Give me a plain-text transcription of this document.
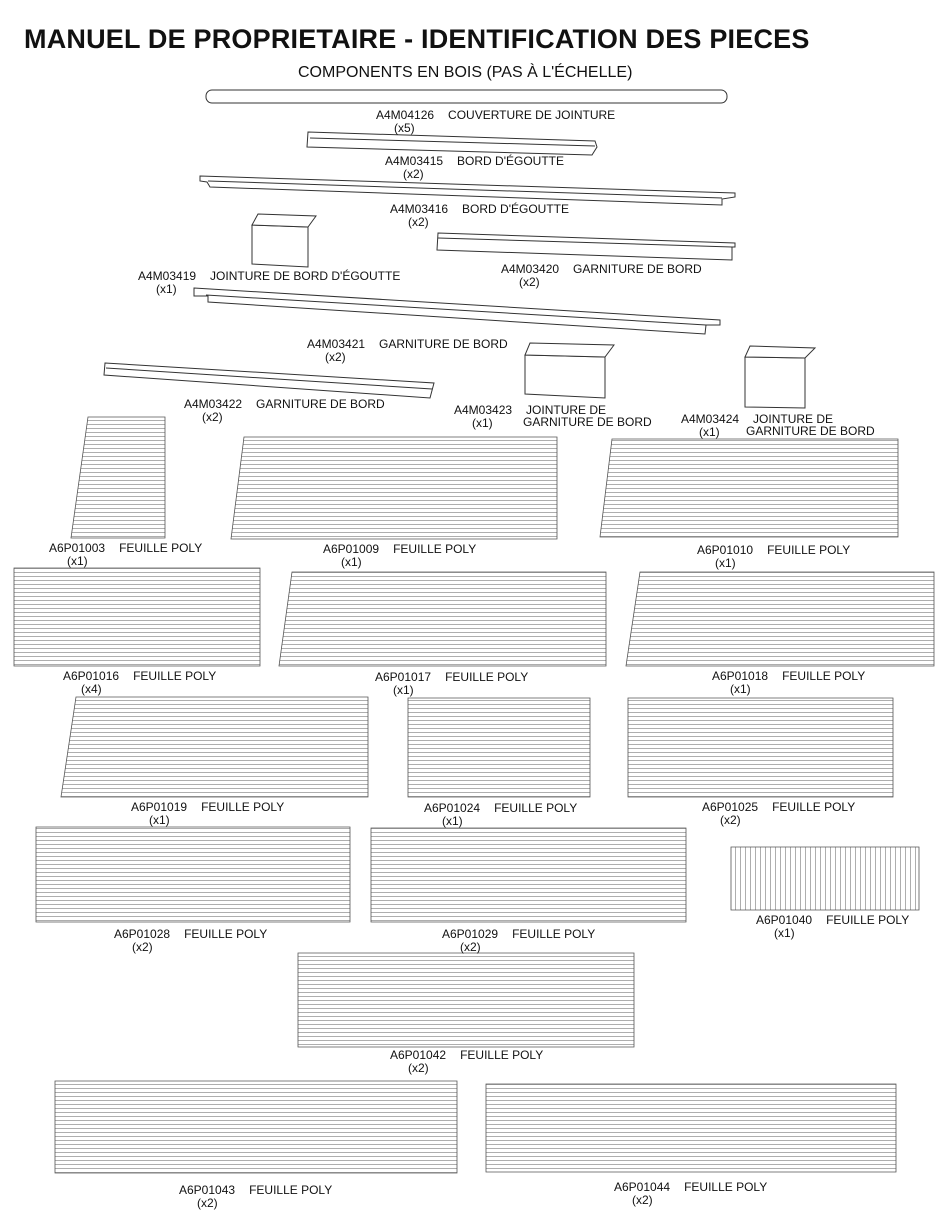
MANUEL DE PROPRIETAIRE - IDENTIFICATION DES PIECES
COMPONENTS EN BOIS (PAS À L'ÉCHELLE)
A4M04126 COUVERTURE DE JOINTURE
(x5)
A4M03415 BORD D'ÉGOUTTE
(x2)
A4M03416 BORD D'ÉGOUTTE
(x2)
A4M03419 JOINTURE DE BORD D'ÉGOUTTE
(x1)
A4M03420 GARNITURE DE BORD
(x2)
A4M03421 GARNITURE DE BORD
(x2)
A4M03422 GARNITURE DE BORD
(x2)	A4M03423 JOINTURE DE
GARNITURE DE BORD
(x1)	A4M03424 JOINTURE DE
GARNITURE DE BORD
(x1)
A6P01003 FEUILLE POLY
(x1)
A6P01009 FEUILLE POLY
(x1)
A6P01010 FEUILLE POLY
(x1)
A6P01016 FEUILLE POLY
(x4)
A6P01017 FEUILLE POLY
(x1)
A6P01018 FEUILLE POLY
(x1)
A6P01019 FEUILLE POLY
(x1)
A6P01024 FEUILLE POLY
(x1)
A6P01025 FEUILLE POLY
(x2)
A6P01028 FEUILLE POLY
(x2)
A6P01029 FEUILLE POLY
(x2)
A6P01040 FEUILLE POLY
(x1)
A6P01042 FEUILLE POLY
(x2)
A6P01043 FEUILLE POLY
(x2)
A6P01044 FEUILLE POLY
(x2)
